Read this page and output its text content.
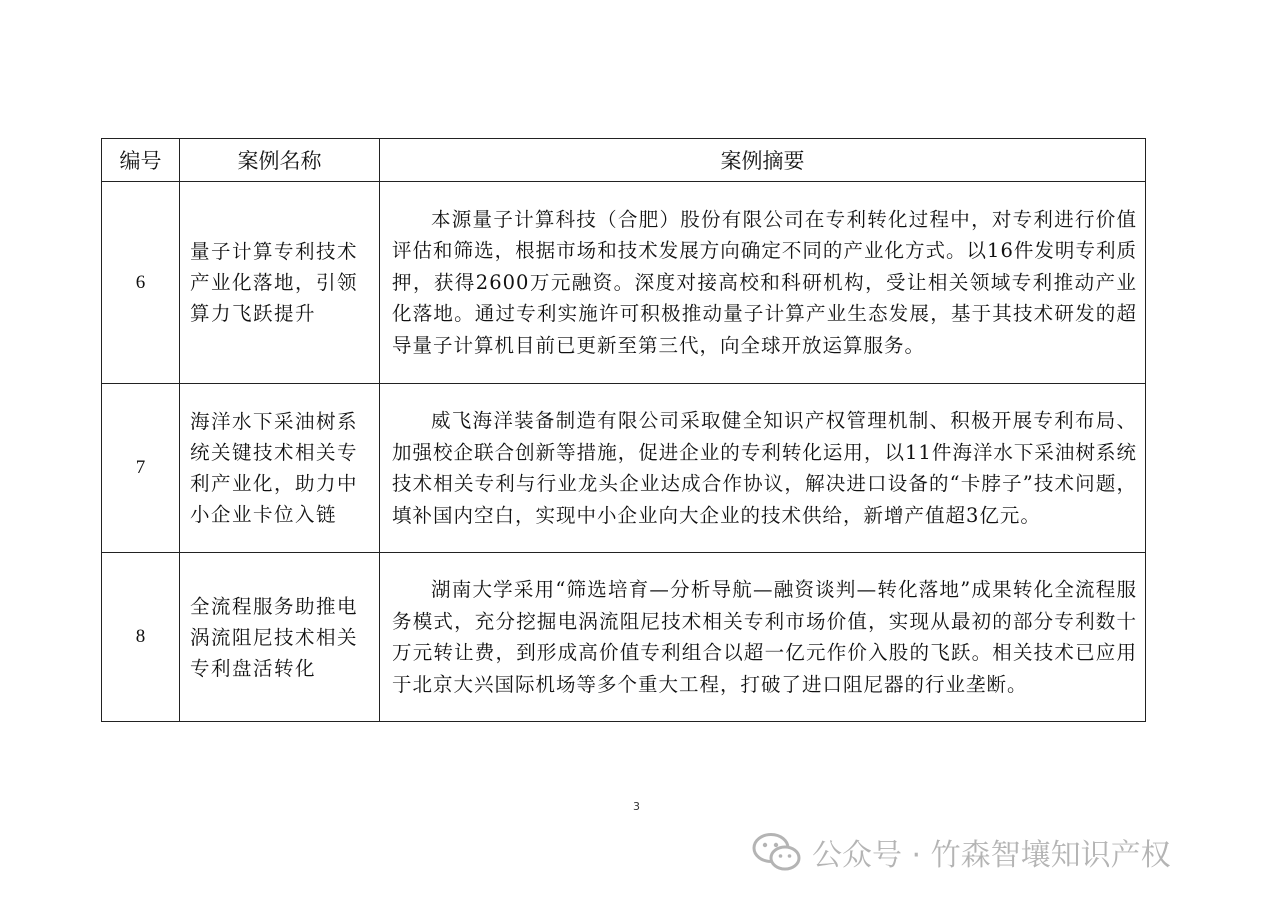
编号	案例名称	案例摘要
6	量子计算专利技术产业化落地，引领算力飞跃提升	本源量子计算科技（合肥）股份有限公司在专利转化过程中，对专利进行价值评估和筛选，根据市场和技术发展方向确定不同的产业化方式。以16件发明专利质押，获得2600万元融资。深度对接高校和科研机构，受让相关领域专利推动产业化落地。通过专利实施许可积极推动量子计算产业生态发展，基于其技术研发的超导量子计算机目前已更新至第三代，向全球开放运算服务。
7	海洋水下采油树系统关键技术相关专利产业化，助力中小企业卡位入链	威飞海洋装备制造有限公司采取健全知识产权管理机制、积极开展专利布局、加强校企联合创新等措施，促进企业的专利转化运用，以11件海洋水下采油树系统技术相关专利与行业龙头企业达成合作协议，解决进口设备的“卡脖子”技术问题，填补国内空白，实现中小企业向大企业的技术供给，新增产值超3亿元。
8	全流程服务助推电涡流阻尼技术相关专利盘活转化	湖南大学采用“筛选培育—分析导航—融资谈判—转化落地”成果转化全流程服务模式，充分挖掘电涡流阻尼技术相关专利市场价值，实现从最初的部分专利数十万元转让费，到形成高价值专利组合以超一亿元作价入股的飞跃。相关技术已应用于北京大兴国际机场等多个重大工程，打破了进口阻尼器的行业垄断。
3
公众号 · 竹森智壤知识产权
